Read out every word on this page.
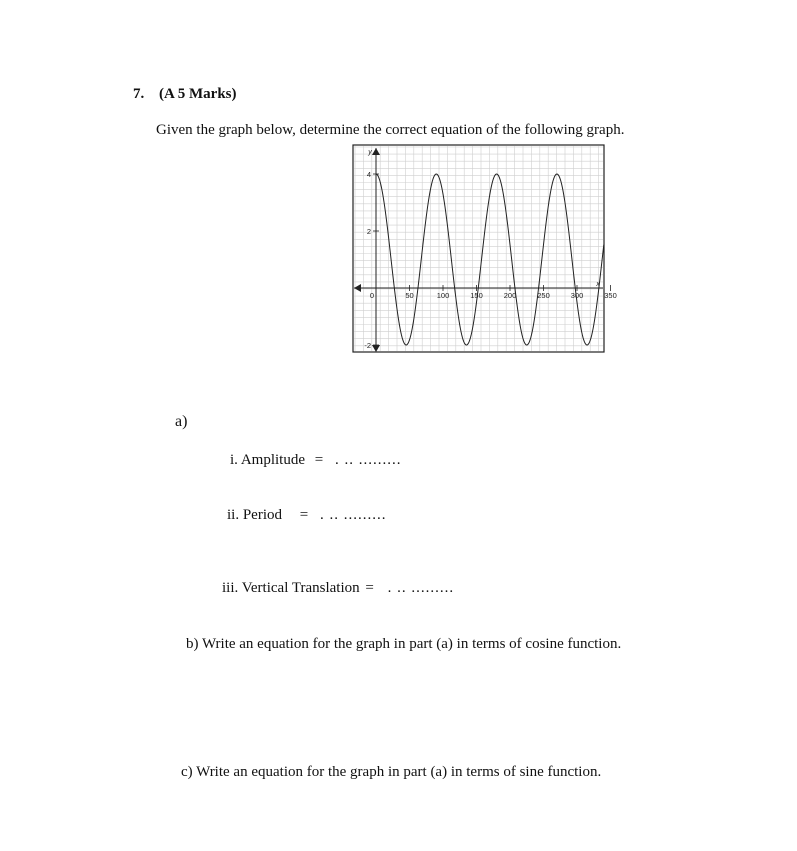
7. (A 5 Marks)
Given the graph below, determine the correct equation of the following graph.
0	50	100	150	200	250	300	350
4
2
-2
y
x
a)
i. Amplitude = . .. .........
ii. Period = . .. .........
iii. Vertical Translation = . .. .........
b) Write an equation for the graph in part (a) in terms of cosine function.
c) Write an equation for the graph in part (a) in terms of sine function.
